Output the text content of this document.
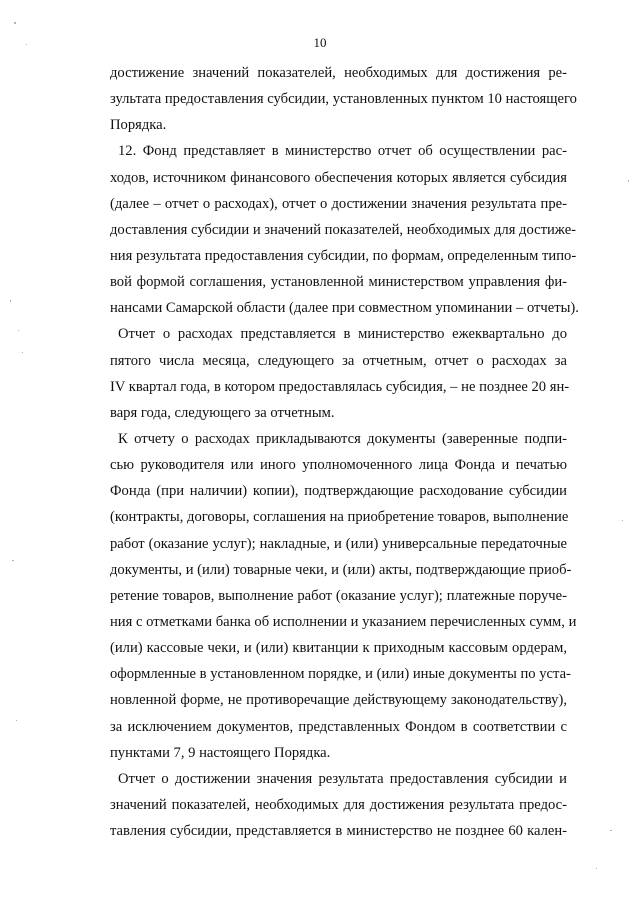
10
достижение значений показателей, необходимых для достижения ре-
зультата предоставления субсидии, установленных пунктом 10 настоящего
Порядка.
12. Фонд представляет в министерство отчет об осуществлении рас-
ходов, источником финансового обеспечения которых является субсидия
(далее – отчет о расходах), отчет о достижении значения результата пре-
доставления субсидии и значений показателей, необходимых для достиже-
ния результата предоставления субсидии, по формам, определенным типо-
вой формой соглашения, установленной министерством управления фи-
нансами Самарской области (далее при совместном упоминании – отчеты).
Отчет о расходах представляется в министерство ежеквартально до
пятого числа месяца, следующего за отчетным, отчет о расходах за
IV квартал года, в котором предоставлялась субсидия, – не позднее 20 ян-
варя года, следующего за отчетным.
К отчету о расходах прикладываются документы (заверенные подпи-
сью руководителя или иного уполномоченного лица Фонда и печатью
Фонда (при наличии) копии), подтверждающие расходование субсидии
(контракты, договоры, соглашения на приобретение товаров, выполнение
работ (оказание услуг); накладные, и (или) универсальные передаточные
документы, и (или) товарные чеки, и (или) акты, подтверждающие приоб-
ретение товаров, выполнение работ (оказание услуг); платежные поруче-
ния с отметками банка об исполнении и указанием перечисленных сумм, и
(или) кассовые чеки, и (или) квитанции к приходным кассовым ордерам,
оформленные в установленном порядке, и (или) иные документы по уста-
новленной форме, не противоречащие действующему законодательству),
за исключением документов, представленных Фондом в соответствии с
пунктами 7, 9 настоящего Порядка.
Отчет о достижении значения результата предоставления субсидии и
значений показателей, необходимых для достижения результата предос-
тавления субсидии, представляется в министерство не позднее 60 кален-
